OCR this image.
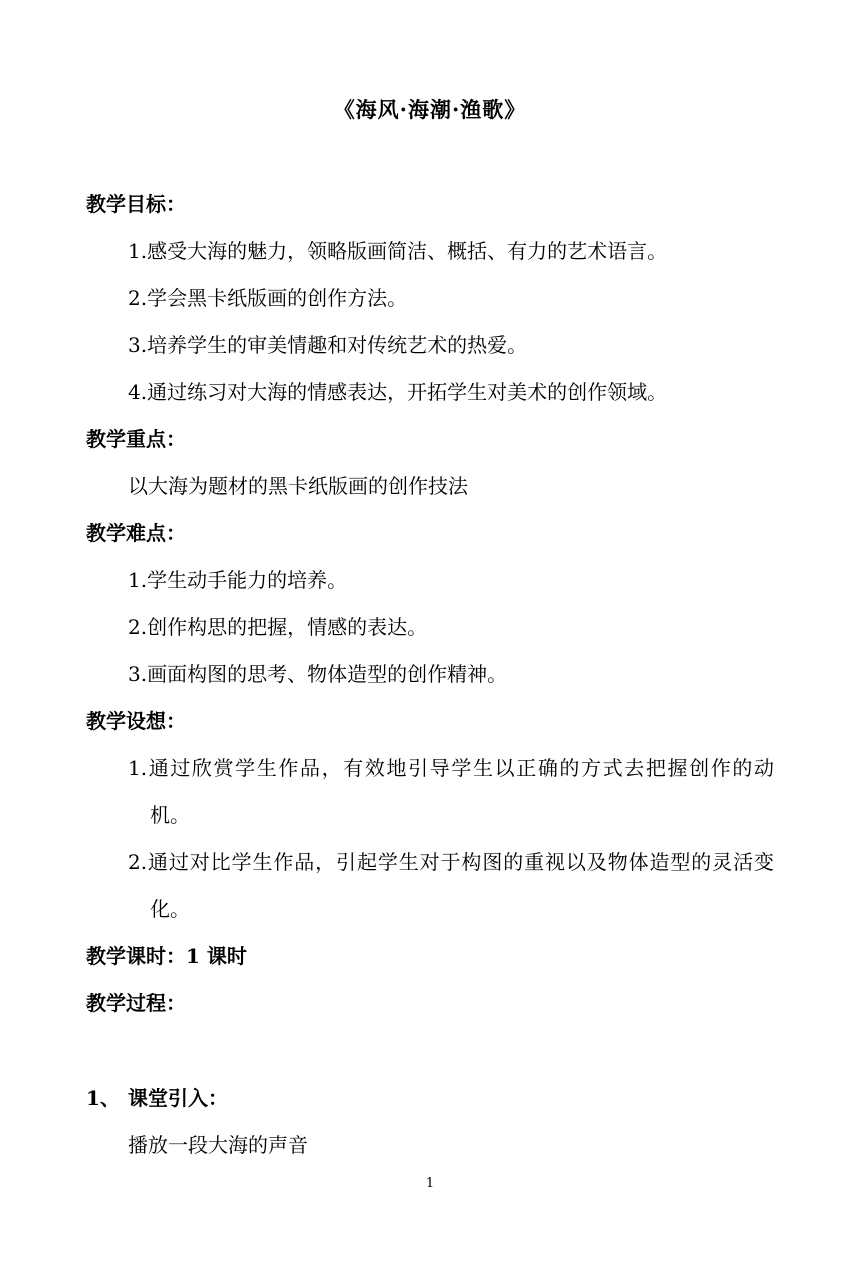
《海风·海潮·渔歌》
教学目标：
1.感受大海的魅力，领略版画简洁、概括、有力的艺术语言。
2.学会黑卡纸版画的创作方法。
3.培养学生的审美情趣和对传统艺术的热爱。
4.通过练习对大海的情感表达，开拓学生对美术的创作领域。
教学重点：
以大海为题材的黑卡纸版画的创作技法
教学难点：
1.学生动手能力的培养。
2.创作构思的把握，情感的表达。
3.画面构图的思考、物体造型的创作精神。
教学设想：
1.通过欣赏学生作品，有效地引导学生以正确的方式去把握创作的动
机。
2.通过对比学生作品，引起学生对于构图的重视以及物体造型的灵活变
化。
教学课时：1 课时
教学过程：
1、 课堂引入：
播放一段大海的声音
1
